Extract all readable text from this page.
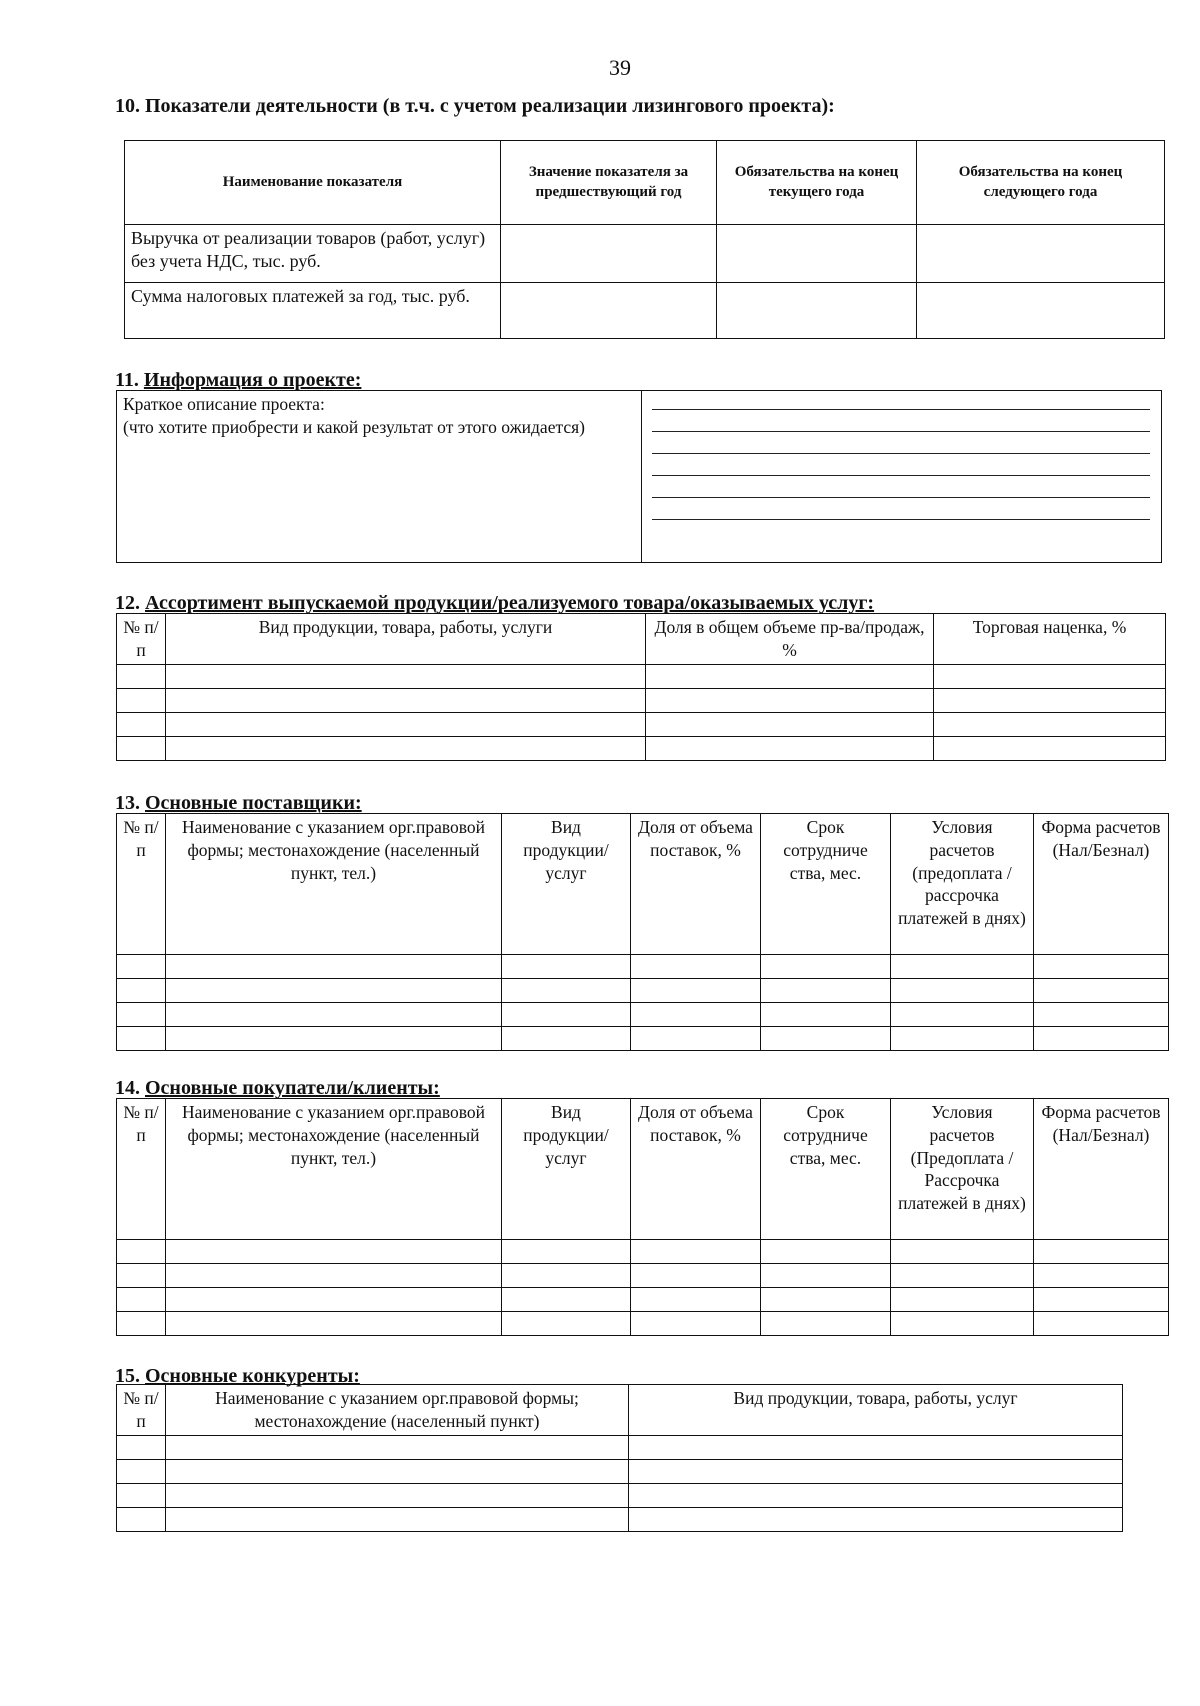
39
10. Показатели деятельности (в т.ч. с учетом реализации лизингового проекта):
Наименование показателя	Значение показателя за предшествующий год	Обязательства на конец текущего года	Обязательства на конец следующего года
Выручка от реализации товаров (работ, услуг) без учета НДС, тыс. руб.			
Сумма налоговых платежей за год, тыс. руб.			
11. Информация о проекте:
Краткое описание проекта:
(что хотите приобрести и какой результат от этого ожидается)	
12. Ассортимент выпускаемой продукции/реализуемого товара/оказываемых услуг:
№ п/п	Вид продукции, товара, работы, услуги	Доля в общем объеме пр-ва/продаж, %	Торговая наценка, %

13. Основные поставщики:
№ п/п	Наименование с указанием орг.правовой формы; местонахождение (населенный пункт, тел.)	Вид продукции/ услуг	Доля от объема поставок, %	Срок сотрудниче ства, мес.	Условия расчетов (предоплата / рассрочка платежей в днях)	Форма расчетов (Нал/Безнал)

14. Основные покупатели/клиенты:
№ п/п	Наименование с указанием орг.правовой формы; местонахождение (населенный пункт, тел.)	Вид продукции/ услуг	Доля от объема поставок, %	Срок сотрудниче ства, мес.	Условия расчетов (Предоплата / Рассрочка платежей в днях)	Форма расчетов (Нал/Безнал)

15. Основные конкуренты:
№ п/п	Наименование с указанием орг.правовой формы; местонахождение (населенный пункт)	Вид продукции, товара, работы, услуг
